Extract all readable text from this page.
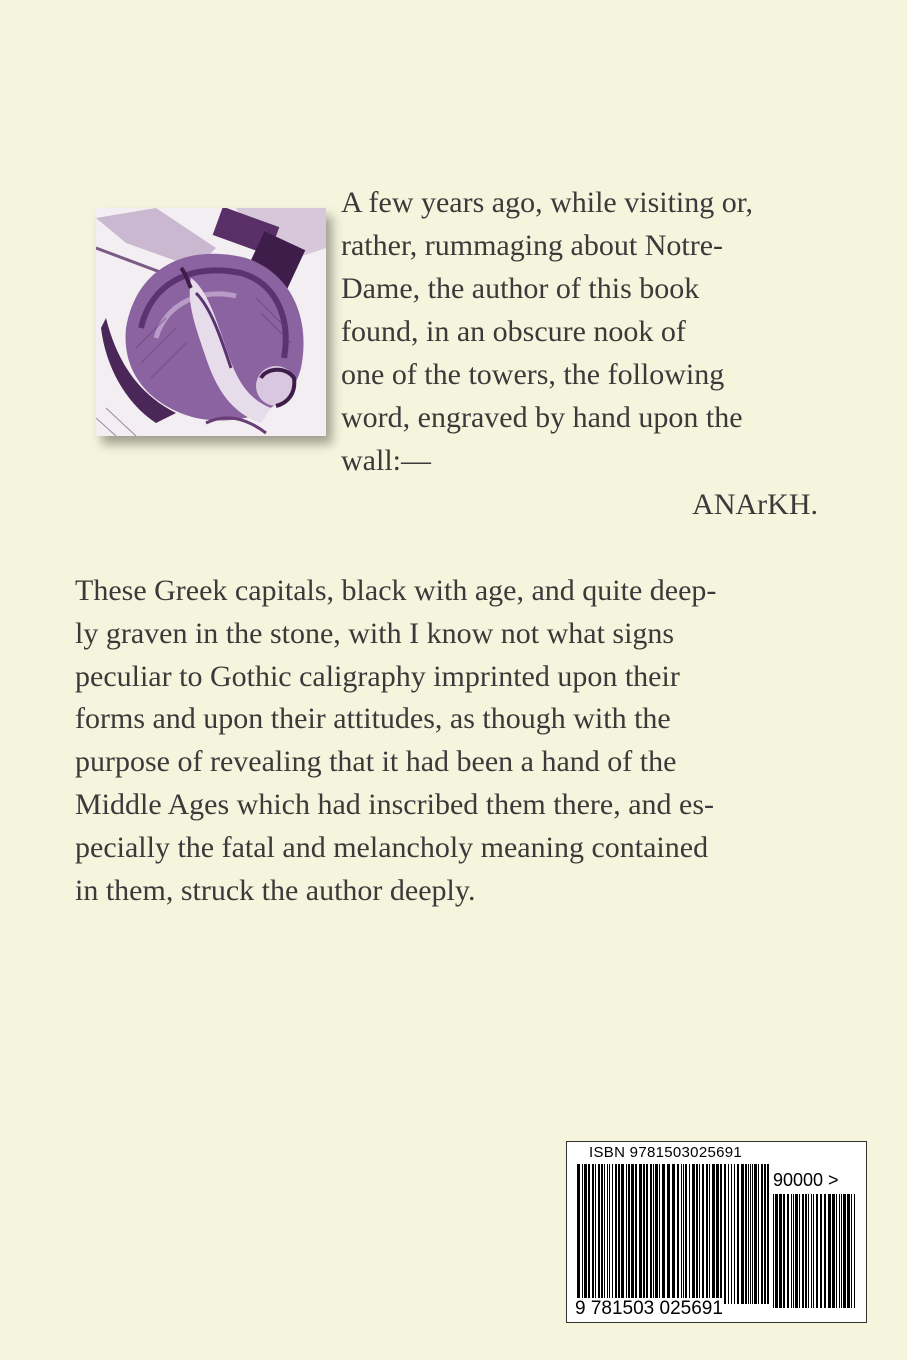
A few years ago, while visiting or,
rather, rummaging about Notre-
Dame, the author of this book
found, in an obscure nook of
one of the towers, the following
word, engraved by hand upon the
wall:—
ANArKH.
These Greek capitals, black with age, and quite deep-
ly graven in the stone, with I know not what signs
peculiar to Gothic caligraphy imprinted upon their
forms and upon their attitudes, as though with the
purpose of revealing that it had been a hand of the
Middle Ages which had inscribed them there, and es-
pecially the fatal and melancholy meaning contained
in them, struck the author deeply.
ISBN 9781503025691
90000 >
9 781503 025691
